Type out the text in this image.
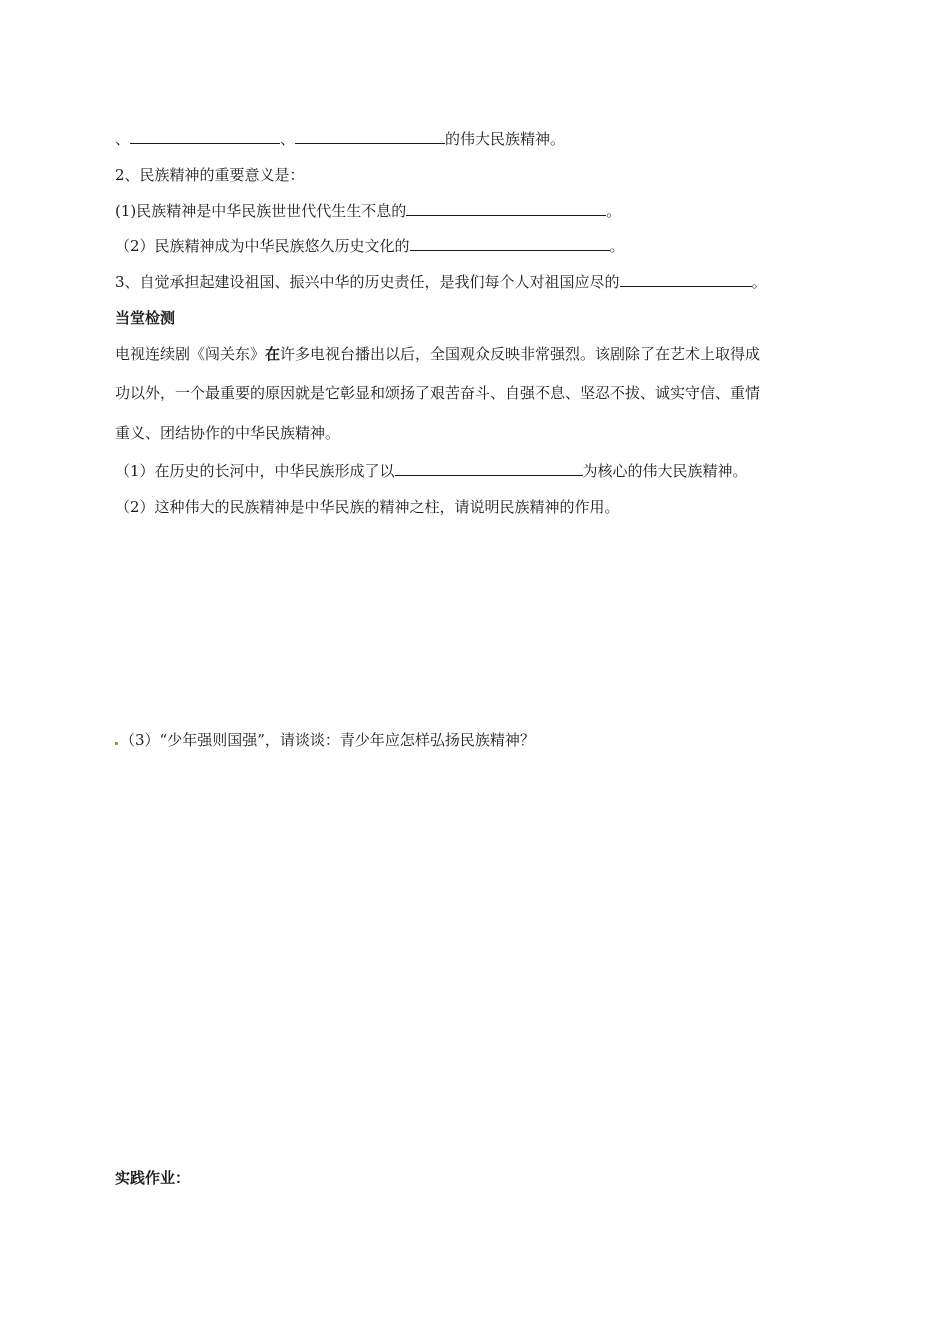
、	、	的伟大民族精神。
2、民族精神的重要意义是：
(1)民族精神是中华民族世世代代生生不息的	。
（2）民族精神成为中华民族悠久历史文化的	。
3、自觉承担起建设祖国、振兴中华的历史责任，是我们每个人对祖国应尽的	。
当堂检测
电视连续剧《闯关东》在许多电视台播出以后，全国观众反映非常强烈。该剧除了在艺术上取得成
功以外，一个最重要的原因就是它彰显和颂扬了艰苦奋斗、自强不息、坚忍不拔、诚实守信、重情
重义、团结协作的中华民族精神。
（1）在历史的长河中，中华民族形成了以	为核心的伟大民族精神。
（2）这种伟大的民族精神是中华民族的精神之柱，请说明民族精神的作用。
（3）“少年强则国强”，请谈谈：青少年应怎样弘扬民族精神？
实践作业：
